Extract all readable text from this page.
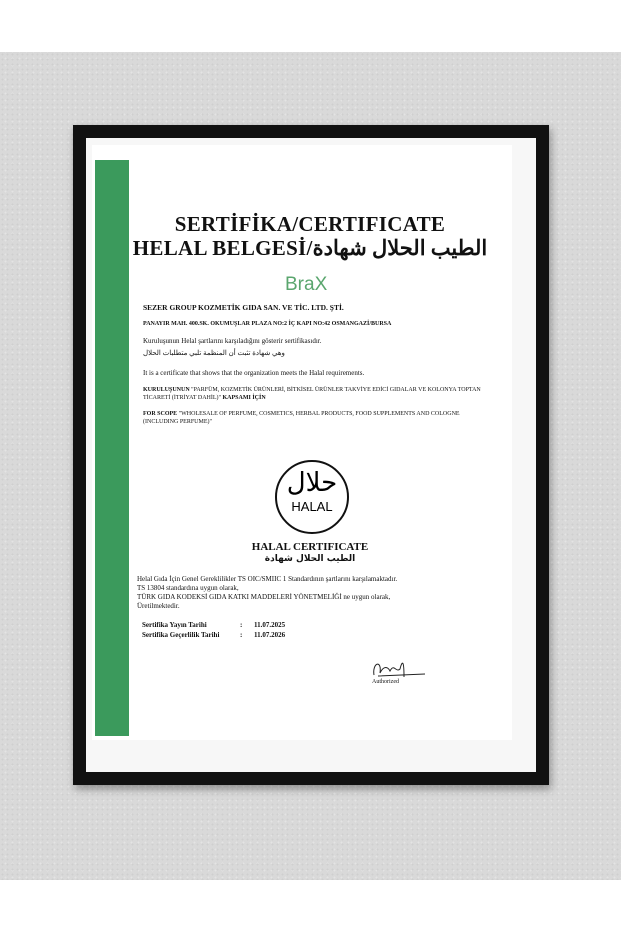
SERTİFİKA/CERTIFICATE
HELAL BELGESİ/الطيب الحلال شهادة
BraX
SEZER GROUP KOZMETİK GIDA SAN. VE TİC. LTD. ŞTİ.
PANAYIR MAH. 400.SK. OKUMUŞLAR PLAZA NO:2 İÇ KAPI NO:42 OSMANGAZİ/BURSA
Kuruluşunun Helal şartlarını karşıladığını gösterir sertifikasıdır.
وهي شهادة تثبت أن المنظمة تلبي متطلبات الحلال
It is a certificate that shows that the organization meets the Halal requirements.
KURULUŞUNUN "PARFÜM, KOZMETİK ÜRÜNLERİ, BİTKİSEL ÜRÜNLER TAKVİYE EDİCİ GIDALAR VE KOLONYA TOPTAN TİCARETİ (İTRİYAT DAHİL)" KAPSAMI İÇİN
FOR SCOPE "WHOLESALE OF PERFUME, COSMETICS, HERBAL PRODUCTS, FOOD SUPPLEMENTS AND COLOGNE (INCLUDING PERFUME)"
حلال
HALAL
HALAL CERTIFICATE
الطيب الحلال شهادة
Helal Gıda İçin Genel Gereklilikler TS OIC/SMIIC 1 Standardının şartlarını karşılamaktadır.
TS 13804 standardına uygun olarak,
TÜRK GIDA KODEKSİ GIDA KATKI MADDELERİ YÖNETMELİĞİ ne uygun olarak,
Üretilmektedir.
Sertifika Yayın Tarihi	: 11.07.2025
Sertifika Geçerlilik Tarihi	: 11.07.2026
Authorized
